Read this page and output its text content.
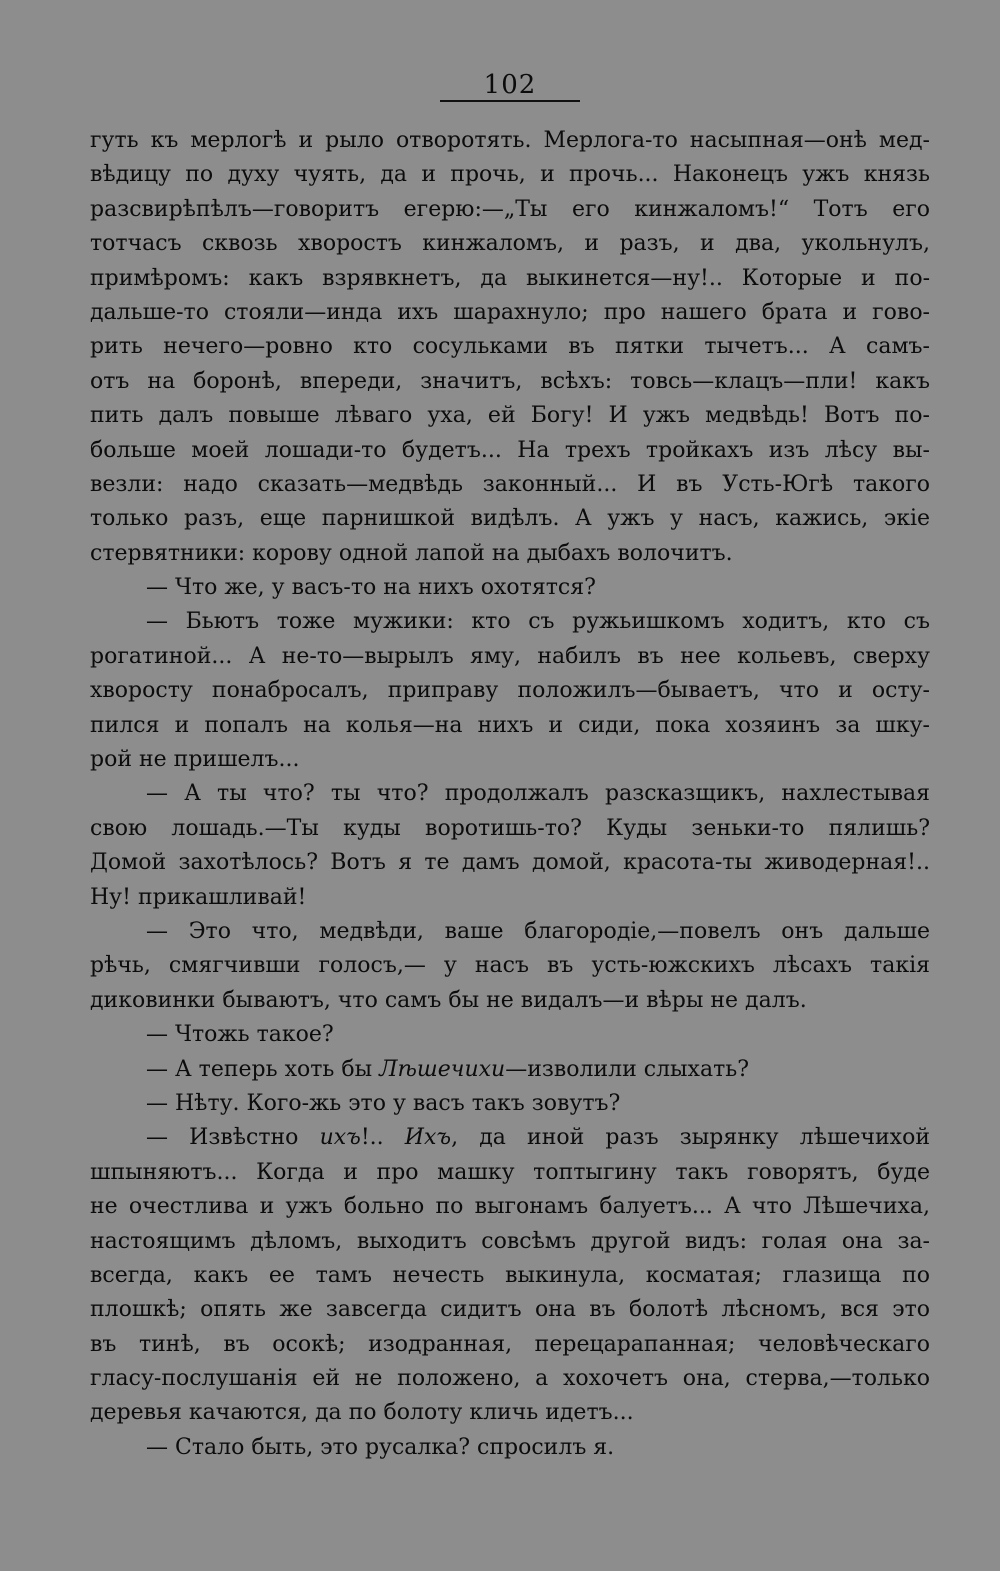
102
гуть къ мерлогѣ и рыло отворотять. Мерлога-то насыпная—онѣ мед-
вѣдицу по духу чуять, да и прочь, и прочь... Наконецъ ужъ князь
разсвирѣпѣлъ—говоритъ егерю:—„Ты его кинжаломъ!“ Тотъ его
тотчасъ сквозь хворостъ кинжаломъ, и разъ, и два, укольнулъ,
примѣромъ: какъ взрявкнетъ, да выкинется—ну!.. Которые и по-
дальше-то стояли—инда ихъ шарахнуло; про нашего брата и гово-
рить нечего—ровно кто сосульками въ пятки тычетъ... А самъ-
отъ на боронѣ, впереди, значитъ, всѣхъ: товсь—клацъ—пли! какъ
пить далъ повыше лѣваго уха, ей Богу! И ужъ медвѣдь! Вотъ по-
больше моей лошади-то будетъ... На трехъ тройкахъ изъ лѣсу вы-
везли: надо сказать—медвѣдь законный... И въ Усть-Югѣ такого
только разъ, еще парнишкой видѣлъ. А ужъ у насъ, кажись, экіе
стервятники: корову одной лапой на дыбахъ волочитъ.
— Что же, у васъ-то на нихъ охотятся?
— Бьютъ тоже мужики: кто съ ружьишкомъ ходитъ, кто съ
рогатиной... А не-то—вырылъ яму, набилъ въ нее кольевъ, сверху
хворосту понабросалъ, приправу положилъ—бываетъ, что и осту-
пился и попалъ на колья—на нихъ и сиди, пока хозяинъ за шку-
рой не пришелъ...
— А ты что? ты что? продолжалъ разсказщикъ, нахлестывая
свою лошадь.—Ты куды воротишь-то? Куды зеньки-то пялишь?
Домой захотѣлось? Вотъ я те дамъ домой, красота-ты живодерная!..
Ну! прикашливай!
— Это что, медвѣди, ваше благородіе,—повелъ онъ дальше
рѣчь, смягчивши голосъ,— у насъ въ усть-южскихъ лѣсахъ такія
диковинки бываютъ, что самъ бы не видалъ—и вѣры не далъ.
— Чтожь такое?
— А теперь хоть бы Лѣшечихи—изволили слыхать?
— Нѣту. Кого-жь это у васъ такъ зовутъ?
— Извѣстно ихъ!.. Ихъ, да иной разъ зырянку лѣшечихой
шпыняютъ... Когда и про машку топтыгину такъ говорятъ, буде
не очестлива и ужъ больно по выгонамъ балуетъ... А что Лѣшечиха,
настоящимъ дѣломъ, выходитъ совсѣмъ другой видъ: голая она за-
всегда, какъ ее тамъ нечесть выкинула, косматая; глазища по
плошкѣ; опять же завсегда сидитъ она въ болотѣ лѣсномъ, вся это
въ тинѣ, въ осокѣ; изодранная, перецарапанная; человѣческаго
гласу-послушанія ей не положено, а хохочетъ она, стерва,—только
деревья качаются, да по болоту кличь идетъ...
— Стало быть, это русалка? спросилъ я.
